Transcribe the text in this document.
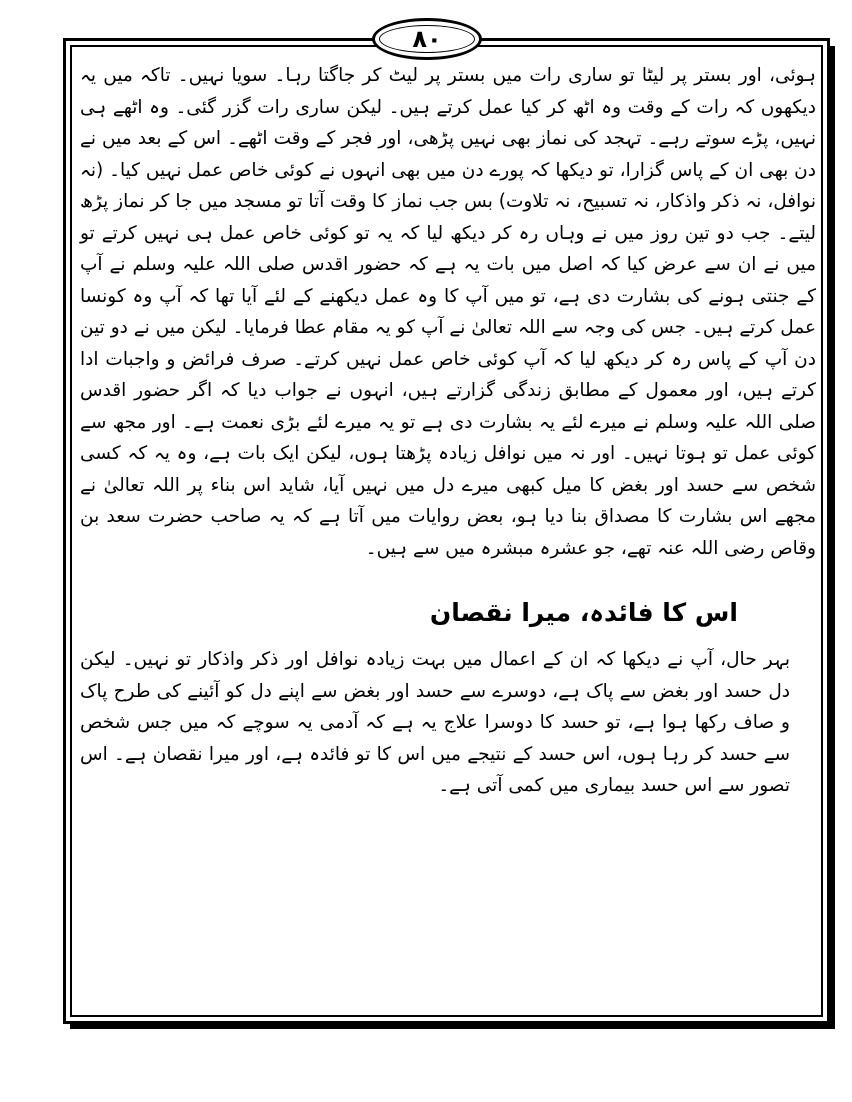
۸۰

ہوئی، اور بستر پر لیٹا تو ساری رات میں بستر پر لیٹ کر جاگتا رہا۔ سویا نہیں۔ تاکہ میں یہ دیکھوں کہ رات کے وقت وہ اٹھ کر کیا عمل کرتے ہیں۔ لیکن ساری رات گزر گئی۔ وہ اٹھے ہی نہیں، پڑے سوتے رہے۔ تہجد کی نماز بھی نہیں پڑھی، اور فجر کے وقت اٹھے۔ اس کے بعد میں نے دن بھی ان کے پاس گزارا، تو دیکھا کہ پورے دن میں بھی انہوں نے کوئی خاص عمل نہیں کیا۔ (نہ نوافل، نہ ذکر واذکار، نہ تسبیح، نہ تلاوت) بس جب نماز کا وقت آتا تو مسجد میں جا کر نماز پڑھ لیتے۔ جب دو تین روز میں نے وہاں رہ کر دیکھ لیا کہ یہ تو کوئی خاص عمل ہی نہیں کرتے تو میں نے ان سے عرض کیا کہ اصل میں بات یہ ہے کہ حضور اقدس صلی اللہ علیہ وسلم نے آپ کے جنتی ہونے کی بشارت دی ہے، تو میں آپ کا وہ عمل دیکھنے کے لئے آیا تھا کہ آپ وہ کونسا عمل کرتے ہیں۔ جس کی وجہ سے اللہ تعالیٰ نے آپ کو یہ مقام عطا فرمایا۔ لیکن میں نے دو تین دن آپ کے پاس رہ کر دیکھ لیا کہ آپ کوئی خاص عمل نہیں کرتے۔ صرف فرائض و واجبات ادا کرتے ہیں، اور معمول کے مطابق زندگی گزارتے ہیں، انہوں نے جواب دیا کہ اگر حضور اقدس صلی اللہ علیہ وسلم نے میرے لئے یہ بشارت دی ہے تو یہ میرے لئے بڑی نعمت ہے۔ اور مجھ سے کوئی عمل تو ہوتا نہیں۔ اور نہ میں نوافل زیادہ پڑھتا ہوں، لیکن ایک بات ہے، وہ یہ کہ کسی شخص سے حسد اور بغض کا میل کبھی میرے دل میں نہیں آیا، شاید اس بناء پر اللہ تعالیٰ نے مجھے اس بشارت کا مصداق بنا دیا ہو، بعض روایات میں آتا ہے کہ یہ صاحب حضرت سعد بن وقاص رضی اللہ عنہ تھے، جو عشرہ مبشرہ میں سے ہیں۔

اس کا فائدہ، میرا نقصان

بہر حال، آپ نے دیکھا کہ ان کے اعمال میں بہت زیادہ نوافل اور ذکر واذکار تو نہیں۔ لیکن دل حسد اور بغض سے پاک ہے، دوسرے سے حسد اور بغض سے اپنے دل کو آئینے کی طرح پاک و صاف رکھا ہوا ہے، تو حسد کا دوسرا علاج یہ ہے کہ آدمی یہ سوچے کہ میں جس شخص سے حسد کر رہا ہوں، اس حسد کے نتیجے میں اس کا تو فائدہ ہے، اور میرا نقصان ہے۔ اس تصور سے اس حسد بیماری میں کمی آتی ہے۔
